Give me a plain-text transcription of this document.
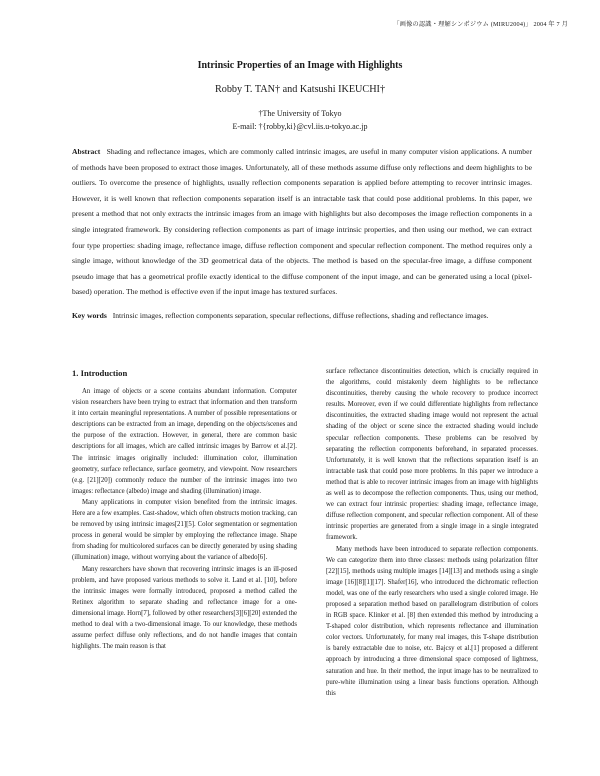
「画像の認識・理解シンポジウム (MIRU2004)」 2004 年 7 月
Intrinsic Properties of an Image with Highlights
Robby T. TAN† and Katsushi IKEUCHI†
†The University of Tokyo
E-mail: †{robby,ki}@cvl.iis.u-tokyo.ac.jp
Abstract Shading and reflectance images, which are commonly called intrinsic images, are useful in many computer vision applications. A number of methods have been proposed to extract those images. Unfortunately, all of these methods assume diffuse only reflections and deem highlights to be outliers. To overcome the presence of highlights, usually reflection components separation is applied before attempting to recover intrinsic images. However, it is well known that reflection components separation itself is an intractable task that could pose additional problems. In this paper, we present a method that not only extracts the intrinsic images from an image with highlights but also decomposes the image reflection components in a single integrated framework. By considering reflection components as part of image intrinsic properties, and then using our method, we can extract four type properties: shading image, reflectance image, diffuse reflection component and specular reflection component. The method requires only a single image, without knowledge of the 3D geometrical data of the objects. The method is based on the specular-free image, a diffuse component pseudo image that has a geometrical profile exactly identical to the diffuse component of the input image, and can be generated using a local (pixel-based) operation. The method is effective even if the input image has textured surfaces.
Key words Intrinsic images, reflection components separation, specular reflections, diffuse reflections, shading and reflectance images.
1. Introduction

An image of objects or a scene contains abundant information. Computer vision researchers have been trying to extract that information and then transform it into certain meaningful representations. A number of possible representations or descriptions can be extracted from an image, depending on the objects/scenes and the purpose of the extraction. However, in general, there are common basic descriptions for all images, which are called intrinsic images by Barrow et al.[2]. The intrinsic images originally included: illumination color, illumination geometry, surface reflectance, surface geometry, and viewpoint. Now researchers (e.g. [21][20]) commonly reduce the number of the intrinsic images into two images: reflectance (albedo) image and shading (illumination) image.

Many applications in computer vision benefited from the intrinsic images. Here are a few examples. Cast-shadow, which often obstructs motion tracking, can be removed by using intrinsic images[21][5]. Color segmentation or segmentation process in general would be simpler by employing the reflectance image. Shape from shading for multicolored surfaces can be directly generated by using shading (illumination) image, without worrying about the variance of albedo[6].

Many researchers have shown that recovering intrinsic images is an ill-posed problem, and have proposed various methods to solve it. Land et al. [10], before the intrinsic images were formally introduced, proposed a method called the Retinex algorithm to separate shading and reflectance image for a one-dimensional image. Horn[7], followed by other researchers[3][6][20] extended the method to deal with a two-dimensional image. To our knowledge, these methods assume perfect diffuse only reflections, and do not handle images that contain highlights. The main reason is that

surface reflectance discontinuities detection, which is crucially required in the algorithms, could mistakenly deem highlights to be reflectance discontinuities, thereby causing the whole recovery to produce incorrect results. Moreover, even if we could differentiate highlights from reflectance discontinuities, the extracted shading image would not represent the actual shading of the object or scene since the extracted shading would include specular reflection components. These problems can be resolved by separating the reflection components beforehand, in separated processes. Unfortunately, it is well known that the reflections separation itself is an intractable task that could pose more problems. In this paper we introduce a method that is able to recover intrinsic images from an image with highlights as well as to decompose the reflection components. Thus, using our method, we can extract four intrinsic properties: shading image, reflectance image, diffuse reflection component, and specular reflection component. All of these intrinsic properties are generated from a single image in a single integrated framework.

Many methods have been introduced to separate reflection components. We can categorize them into three classes: methods using polarization filter [22][15], methods using multiple images [14][13] and methods using a single image [16][8][1][17]. Shafer[16], who introduced the dichromatic reflection model, was one of the early researchers who used a single colored image. He proposed a separation method based on parallelogram distribution of colors in RGB space. Klinker et al. [8] then extended this method by introducing a T-shaped color distribution, which represents reflectance and illumination color vectors. Unfortunately, for many real images, this T-shape distribution is barely extractable due to noise, etc. Bajcsy et al.[1] proposed a different approach by introducing a three dimensional space composed of lightness, saturation and hue. In their method, the input image has to be neutralized to pure-white illumination using a linear basis functions operation. Although this
